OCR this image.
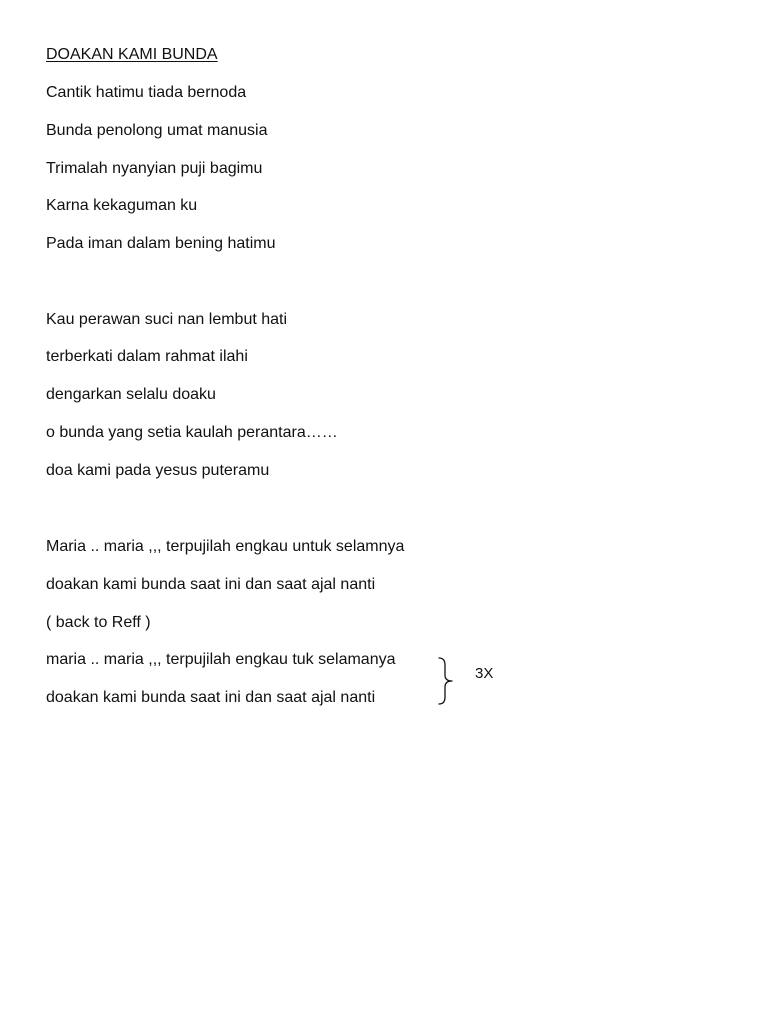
DOAKAN KAMI BUNDA
Cantik hatimu tiada bernoda
Bunda penolong umat manusia
Trimalah nyanyian puji bagimu
Karna kekaguman ku
Pada iman dalam bening hatimu
Kau perawan suci nan lembut hati
terberkati dalam rahmat ilahi
dengarkan selalu doaku
o bunda yang setia kaulah perantara……
doa kami pada yesus puteramu
Maria .. maria ,,, terpujilah engkau untuk selamnya
doakan kami bunda saat ini dan saat ajal nanti
( back to Reff )
maria .. maria ,,, terpujilah engkau tuk selamanya
doakan kami bunda saat ini dan saat ajal nanti
3X
